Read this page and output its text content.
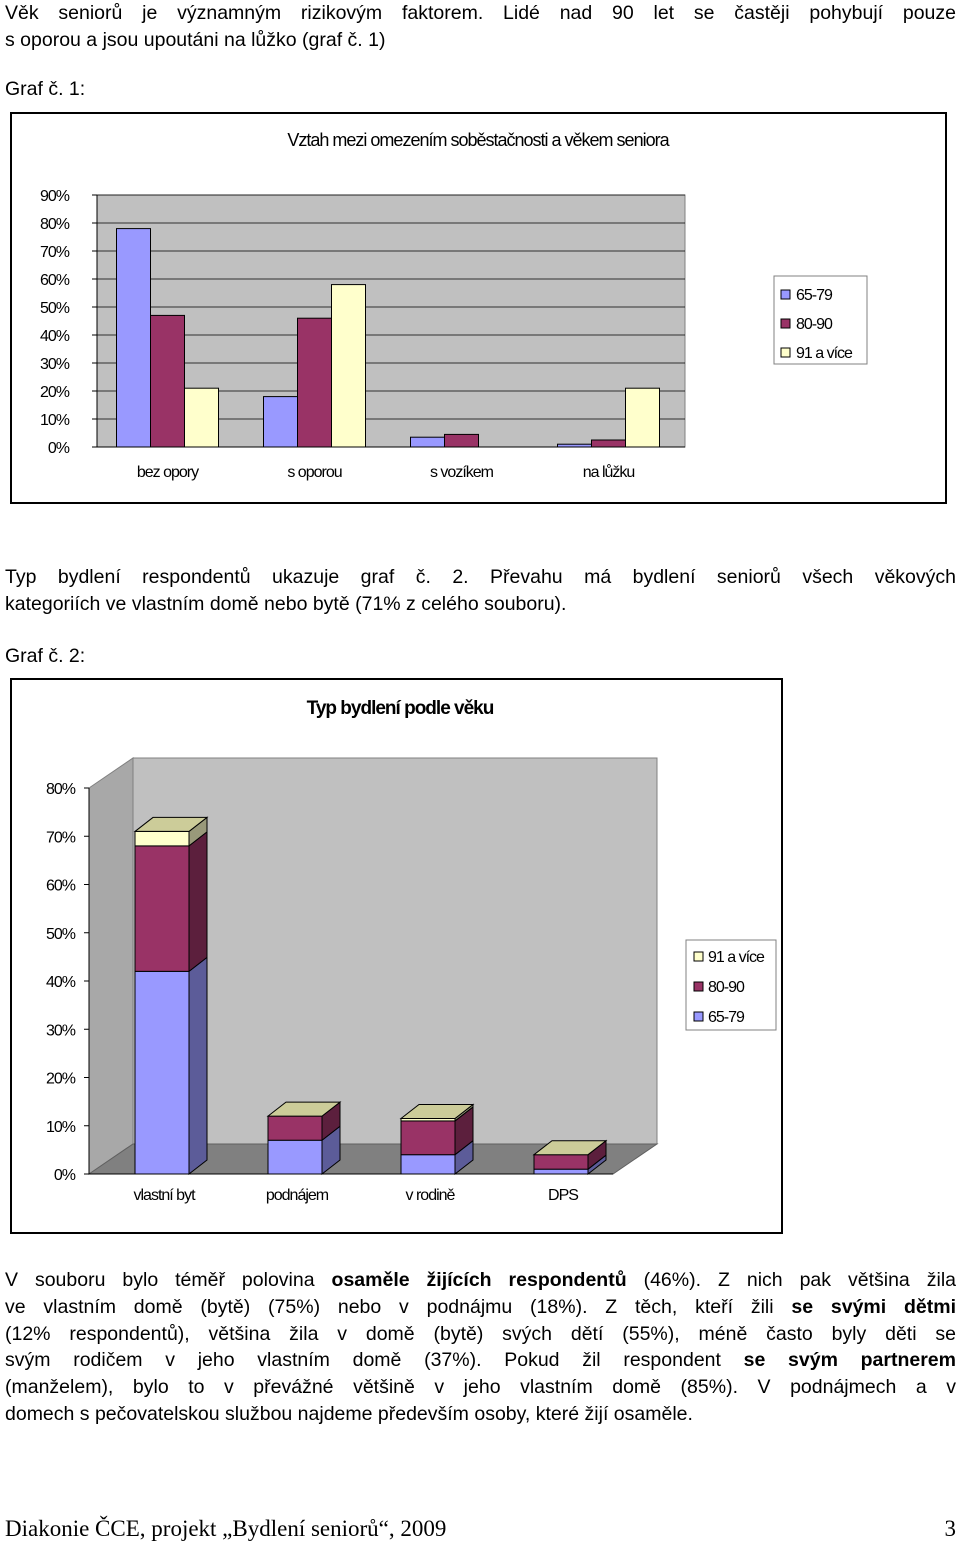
Věk seniorů je významným rizikovým faktorem. Lidé nad 90 let se častěji pohybují pouze
s oporou a jsou upoutáni na lůžko (graf č. 1)
Graf č. 1:
Vztah mezi omezením soběstačnosti a věkem seniora
0%
10%
20%
30%
40%
50%
60%
70%
80%
90%
bez opory	s oporou	s vozíkem	na lůžku
65-79
80-90
91 a více
Typ bydlení respondentů ukazuje graf č. 2. Převahu má bydlení seniorů všech věkových
kategoriích ve vlastním domě nebo bytě (71% z celého souboru).
Graf č. 2:
Typ bydlení podle věku
0%
10%
20%
30%
40%
50%
60%
70%
80%
vlastní byt	podnájem	v rodině	DPS
91 a více
80-90
65-79
V souboru bylo téměř polovina osaměle žijících respondentů (46%). Z nich pak většina žila
ve vlastním domě (bytě) (75%) nebo v podnájmu (18%). Z těch, kteří žili se svými dětmi
(12% respondentů), většina žila v domě (bytě) svých dětí (55%), méně často byly děti se
svým rodičem v jeho vlastním domě (37%). Pokud žil respondent se svým partnerem
(manželem), bylo to v převážné většině v jeho vlastním domě (85%). V podnájmech a v
domech s pečovatelskou službou najdeme především osoby, které žijí osaměle.
Diakonie ČCE, projekt „Bydlení seniorů“, 2009	3
